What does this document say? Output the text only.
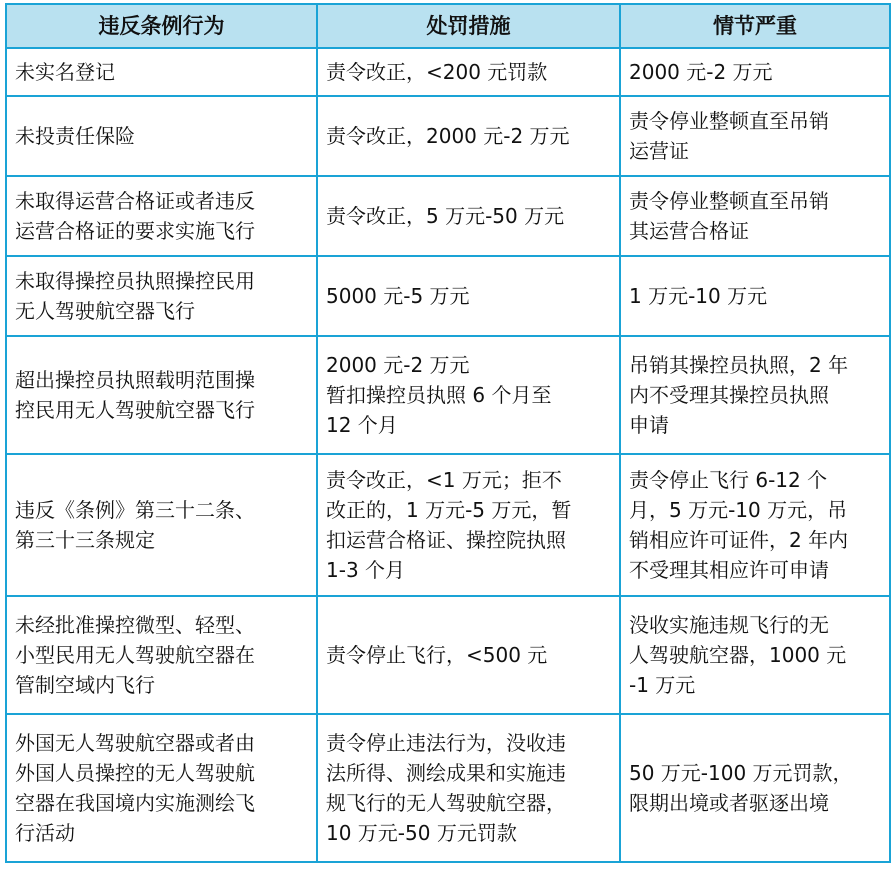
违反条例行为	处罚措施	情节严重

未实名登记	责令改正，<200 元罚款	2000 元-2 万元

未投责任保险	责令改正，2000 元-2 万元	责令停业整顿直至吊销
运营证

未取得运营合格证或者违反
运营合格证的要求实施飞行	责令改正，5 万元-50 万元	责令停业整顿直至吊销
其运营合格证

未取得操控员执照操控民用
无人驾驶航空器飞行	5000 元-5 万元	1 万元-10 万元

超出操控员执照载明范围操
控民用无人驾驶航空器飞行	2000 元-2 万元
暂扣操控员执照 6 个月至
12 个月	吊销其操控员执照，2 年
内不受理其操控员执照
申请

违反《条例》第三十二条、
第三十三条规定	责令改正，<1 万元；拒不
改正的，1 万元-5 万元，暂
扣运营合格证、操控院执照
1-3 个月	责令停止飞行 6-12 个
月，5 万元-10 万元，吊
销相应许可证件，2 年内
不受理其相应许可申请

未经批准操控微型、轻型、
小型民用无人驾驶航空器在
管制空域内飞行	责令停止飞行，<500 元	没收实施违规飞行的无
人驾驶航空器，1000 元
-1 万元

外国无人驾驶航空器或者由
外国人员操控的无人驾驶航
空器在我国境内实施测绘飞
行活动	责令停止违法行为，没收违
法所得、测绘成果和实施违
规飞行的无人驾驶航空器，
10 万元-50 万元罚款	50 万元-100 万元罚款，
限期出境或者驱逐出境
